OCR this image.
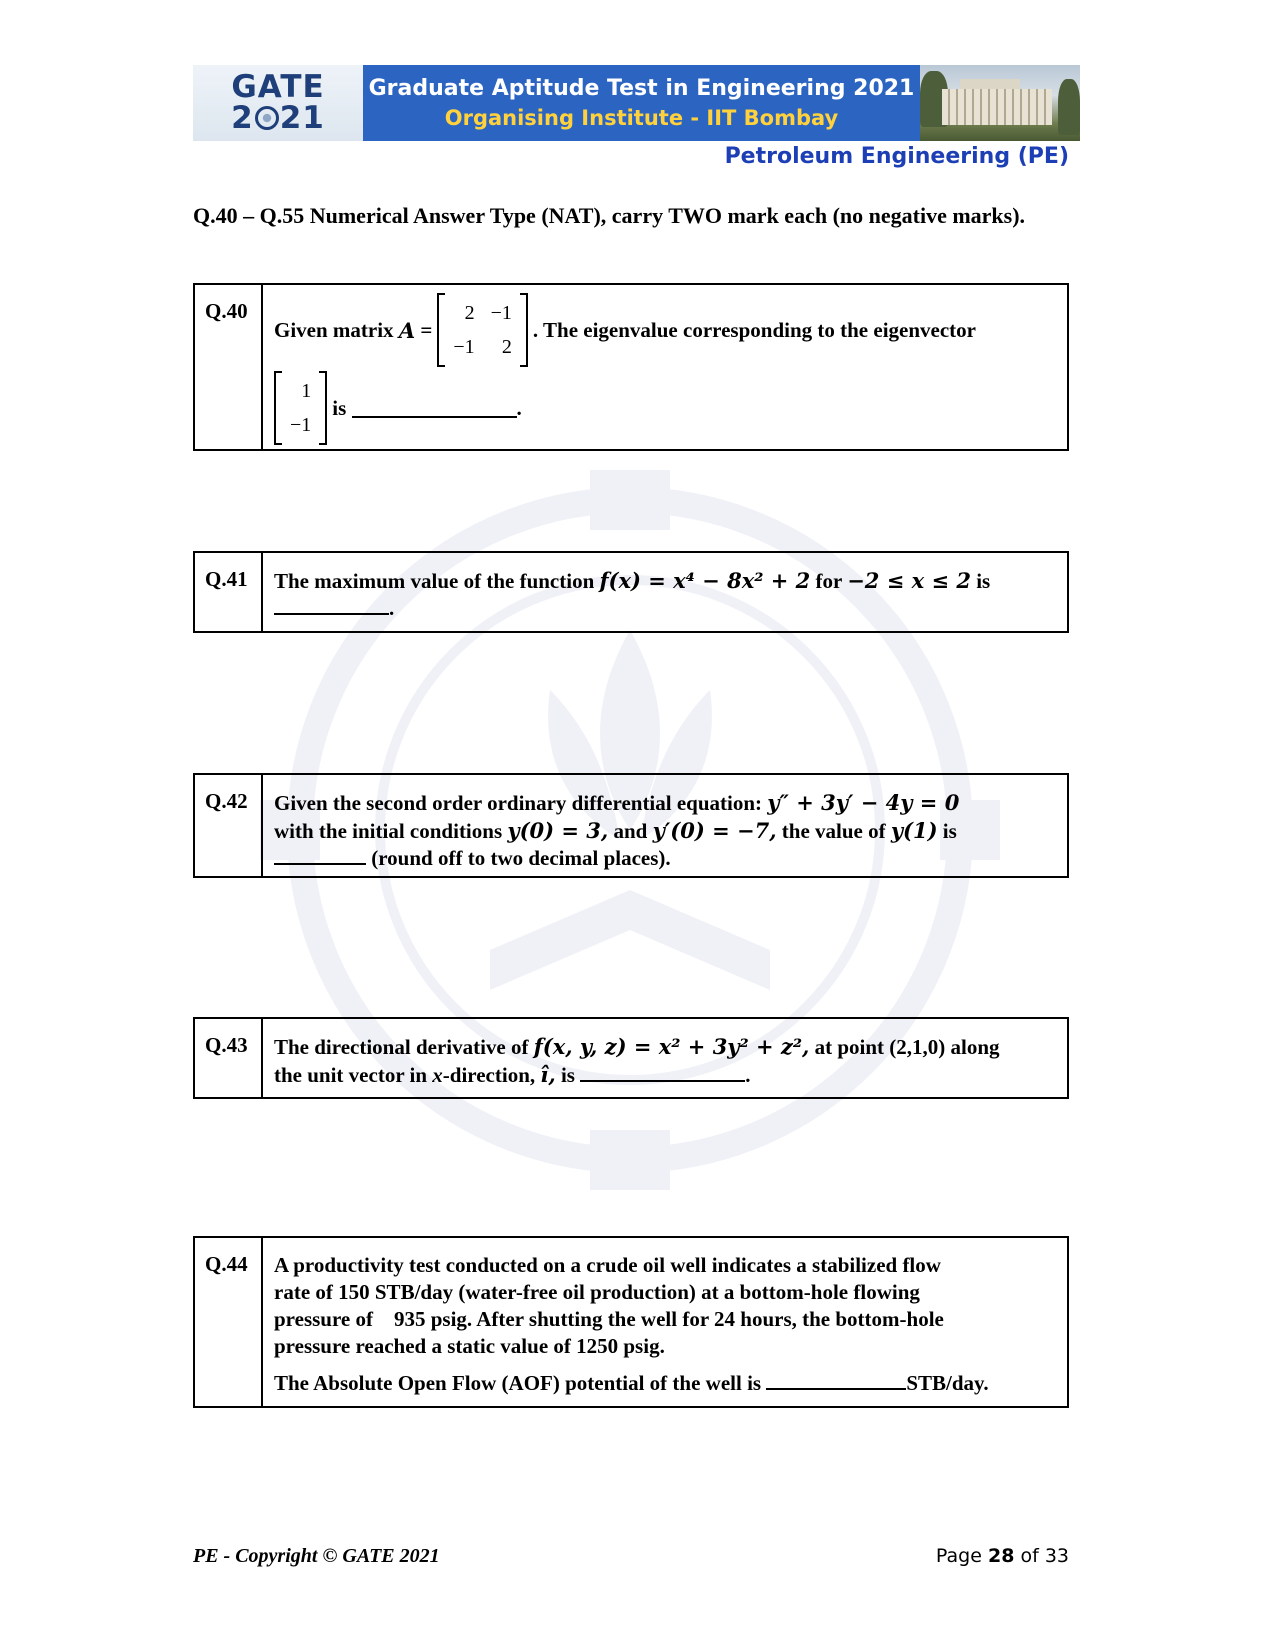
GATE
2 21
Graduate Aptitude Test in Engineering 2021
Organising Institute - IIT Bombay
Petroleum Engineering (PE)
Q.40 – Q.55 Numerical Answer Type (NAT), carry TWO mark each (no negative marks).
Q.40
Given matrix
A
=
2	−1
−1	2
. The eigenvalue corresponding to the eigenvector
1
−1
is
	.
Q.41	The maximum value of the function f(x) = x⁴ − 8x² + 2 for −2 ≤ x ≤ 2 is
.
Q.42	Given the second order ordinary differential equation: y″ + 3y′ − 4y = 0
with the initial conditions y(0) = 3, and y′(0) = −7, the value of y(1) is
(round off to two decimal places).
Q.43	The directional derivative of f(x, y, z) = x² + 3y² + z², at point (2,1,0) along
the unit vector in x-direction, î, is	.
Q.44	A productivity test conducted on a crude oil well indicates a stabilized flow
rate of 150 STB/day (water-free oil production) at a bottom-hole flowing
pressure of    935 psig. After shutting the well for 24 hours, the bottom-hole
pressure reached a static value of 1250 psig.
The Absolute Open Flow (AOF) potential of the well is	STB/day.
PE - Copyright © GATE 2021	Page 28 of 33
